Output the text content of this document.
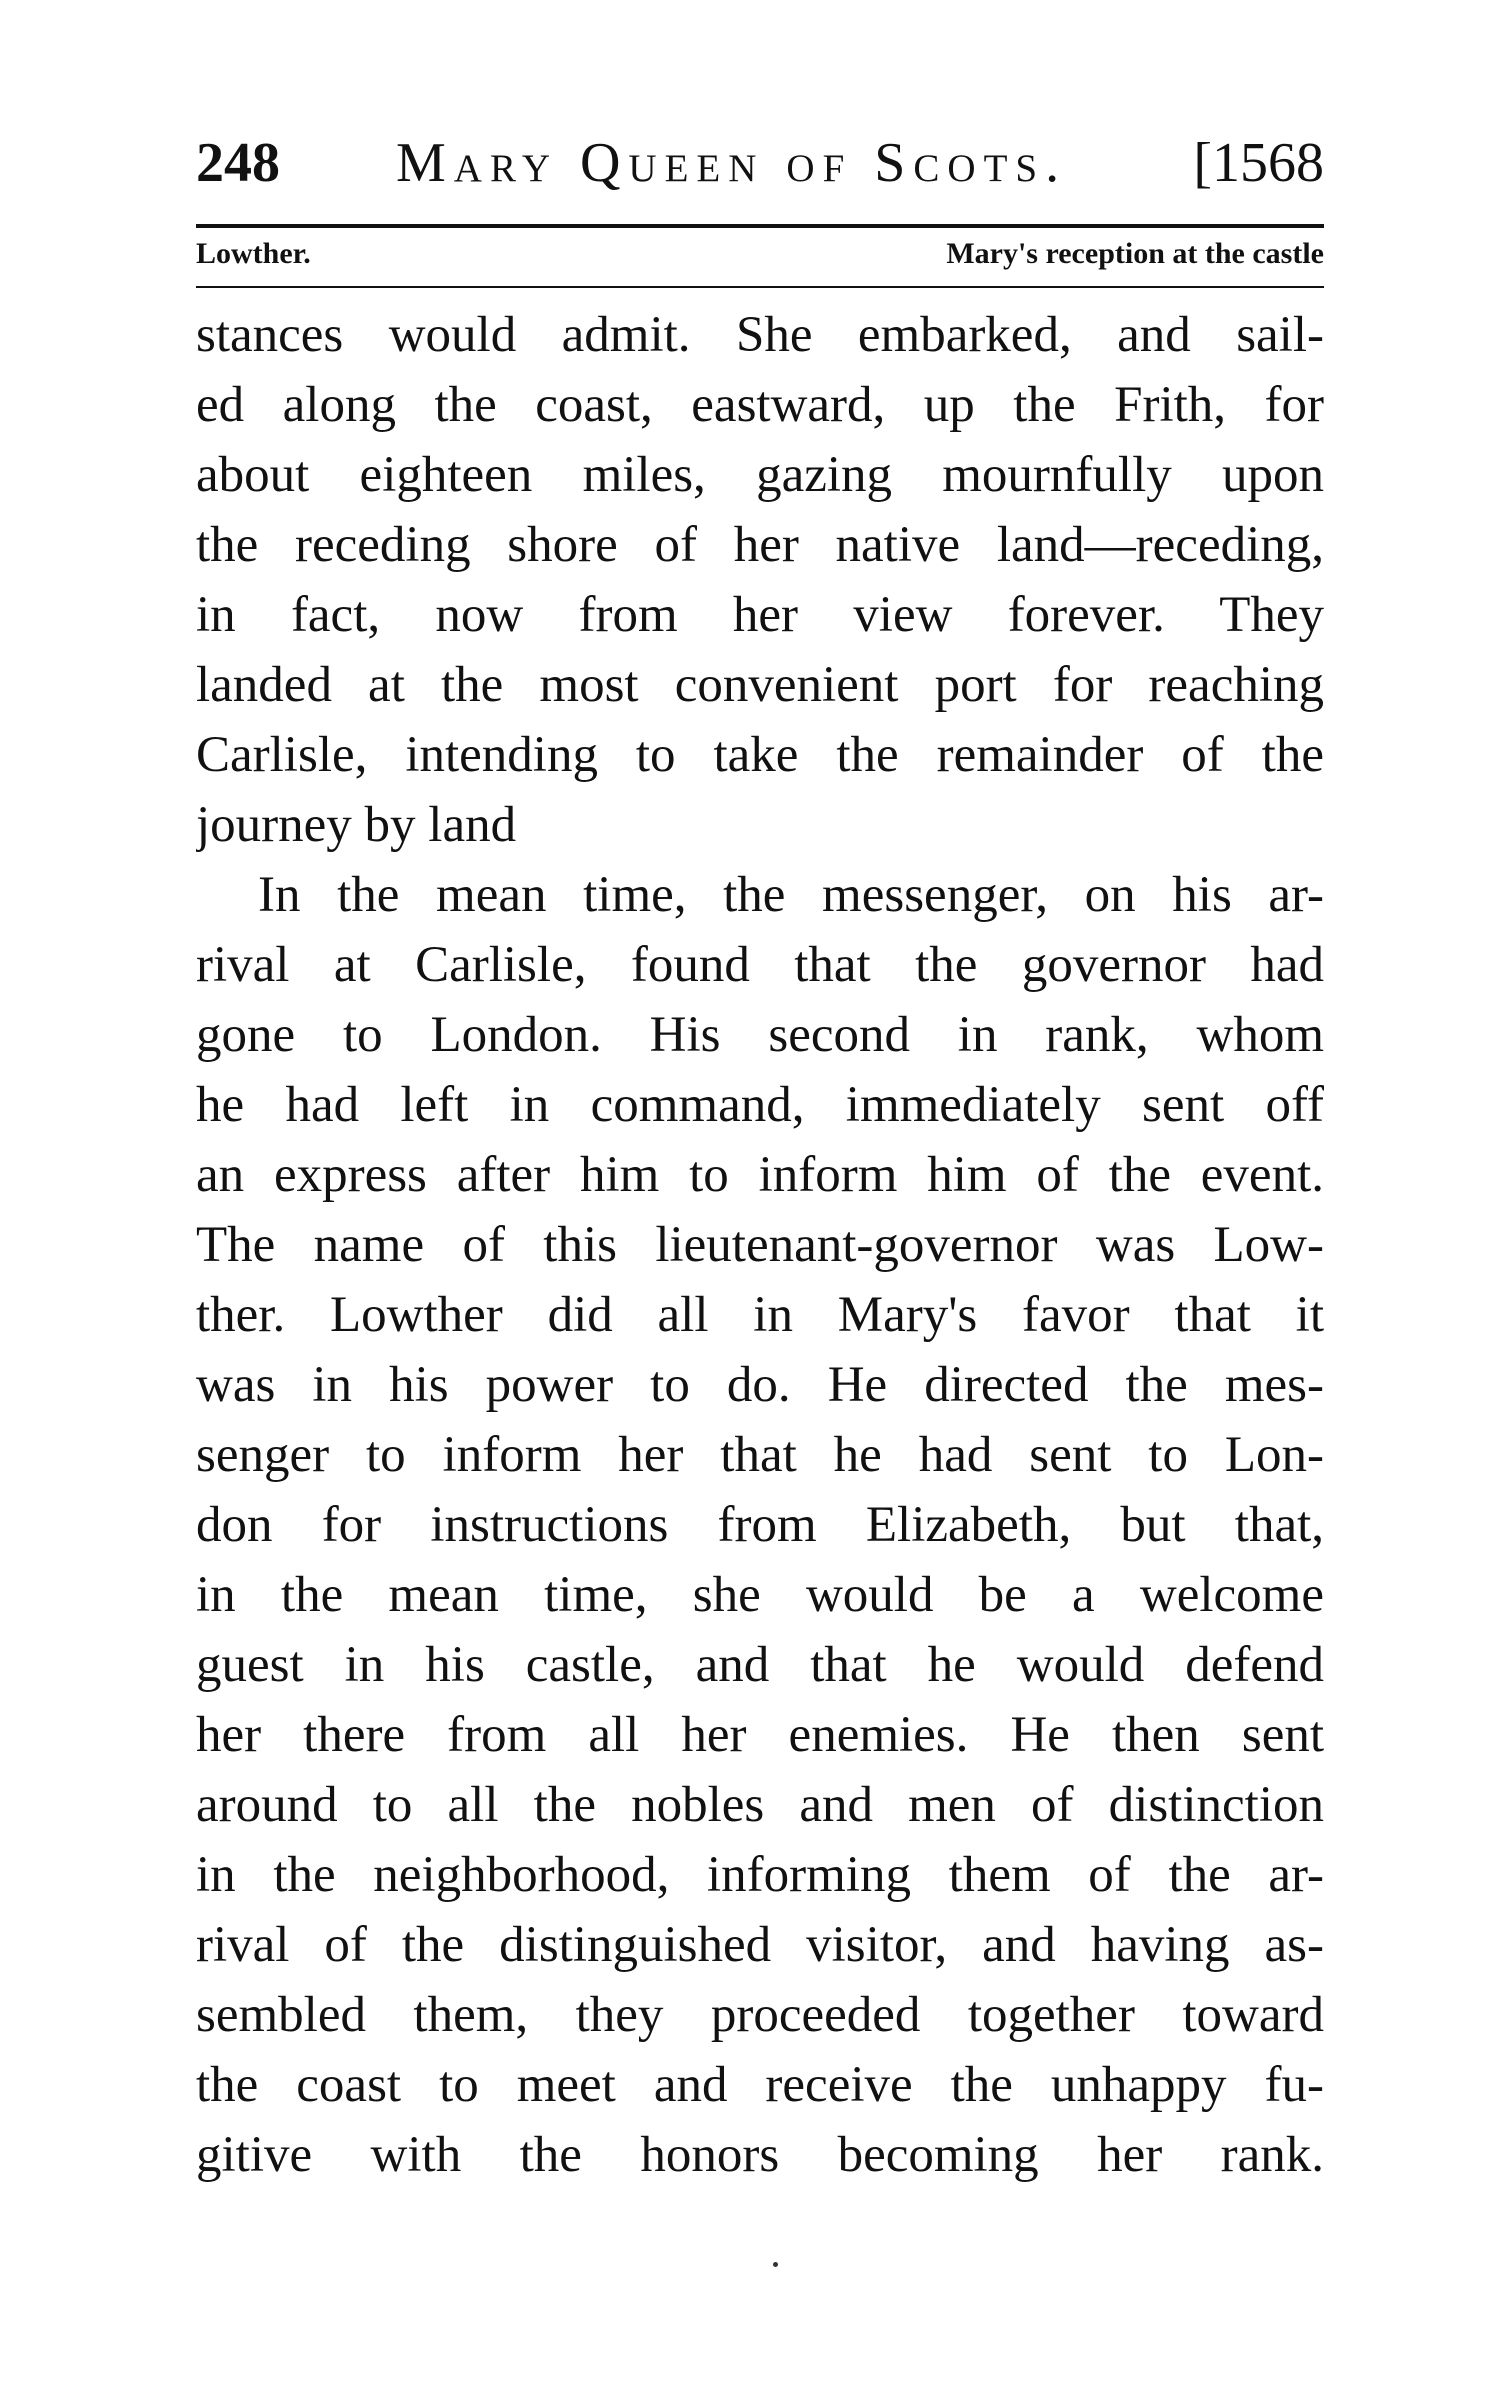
248 Mary Queen of Scots. [1568
Lowther.	Mary's reception at the castle
stances would admit. She embarked, and sail-
ed along the coast, eastward, up the Frith, for
about eighteen miles, gazing mournfully upon
the receding shore of her native land—receding,
in fact, now from her view forever. They
landed at the most convenient port for reaching
Carlisle, intending to take the remainder of the
journey by land
In the mean time, the messenger, on his ar-
rival at Carlisle, found that the governor had
gone to London. His second in rank, whom
he had left in command, immediately sent off
an express after him to inform him of the event.
The name of this lieutenant-governor was Low-
ther. Lowther did all in Mary's favor that it
was in his power to do. He directed the mes-
senger to inform her that he had sent to Lon-
don for instructions from Elizabeth, but that,
in the mean time, she would be a welcome
guest in his castle, and that he would defend
her there from all her enemies. He then sent
around to all the nobles and men of distinction
in the neighborhood, informing them of the ar-
rival of the distinguished visitor, and having as-
sembled them, they proceeded together toward
the coast to meet and receive the unhappy fu-
gitive with the honors becoming her rank.
